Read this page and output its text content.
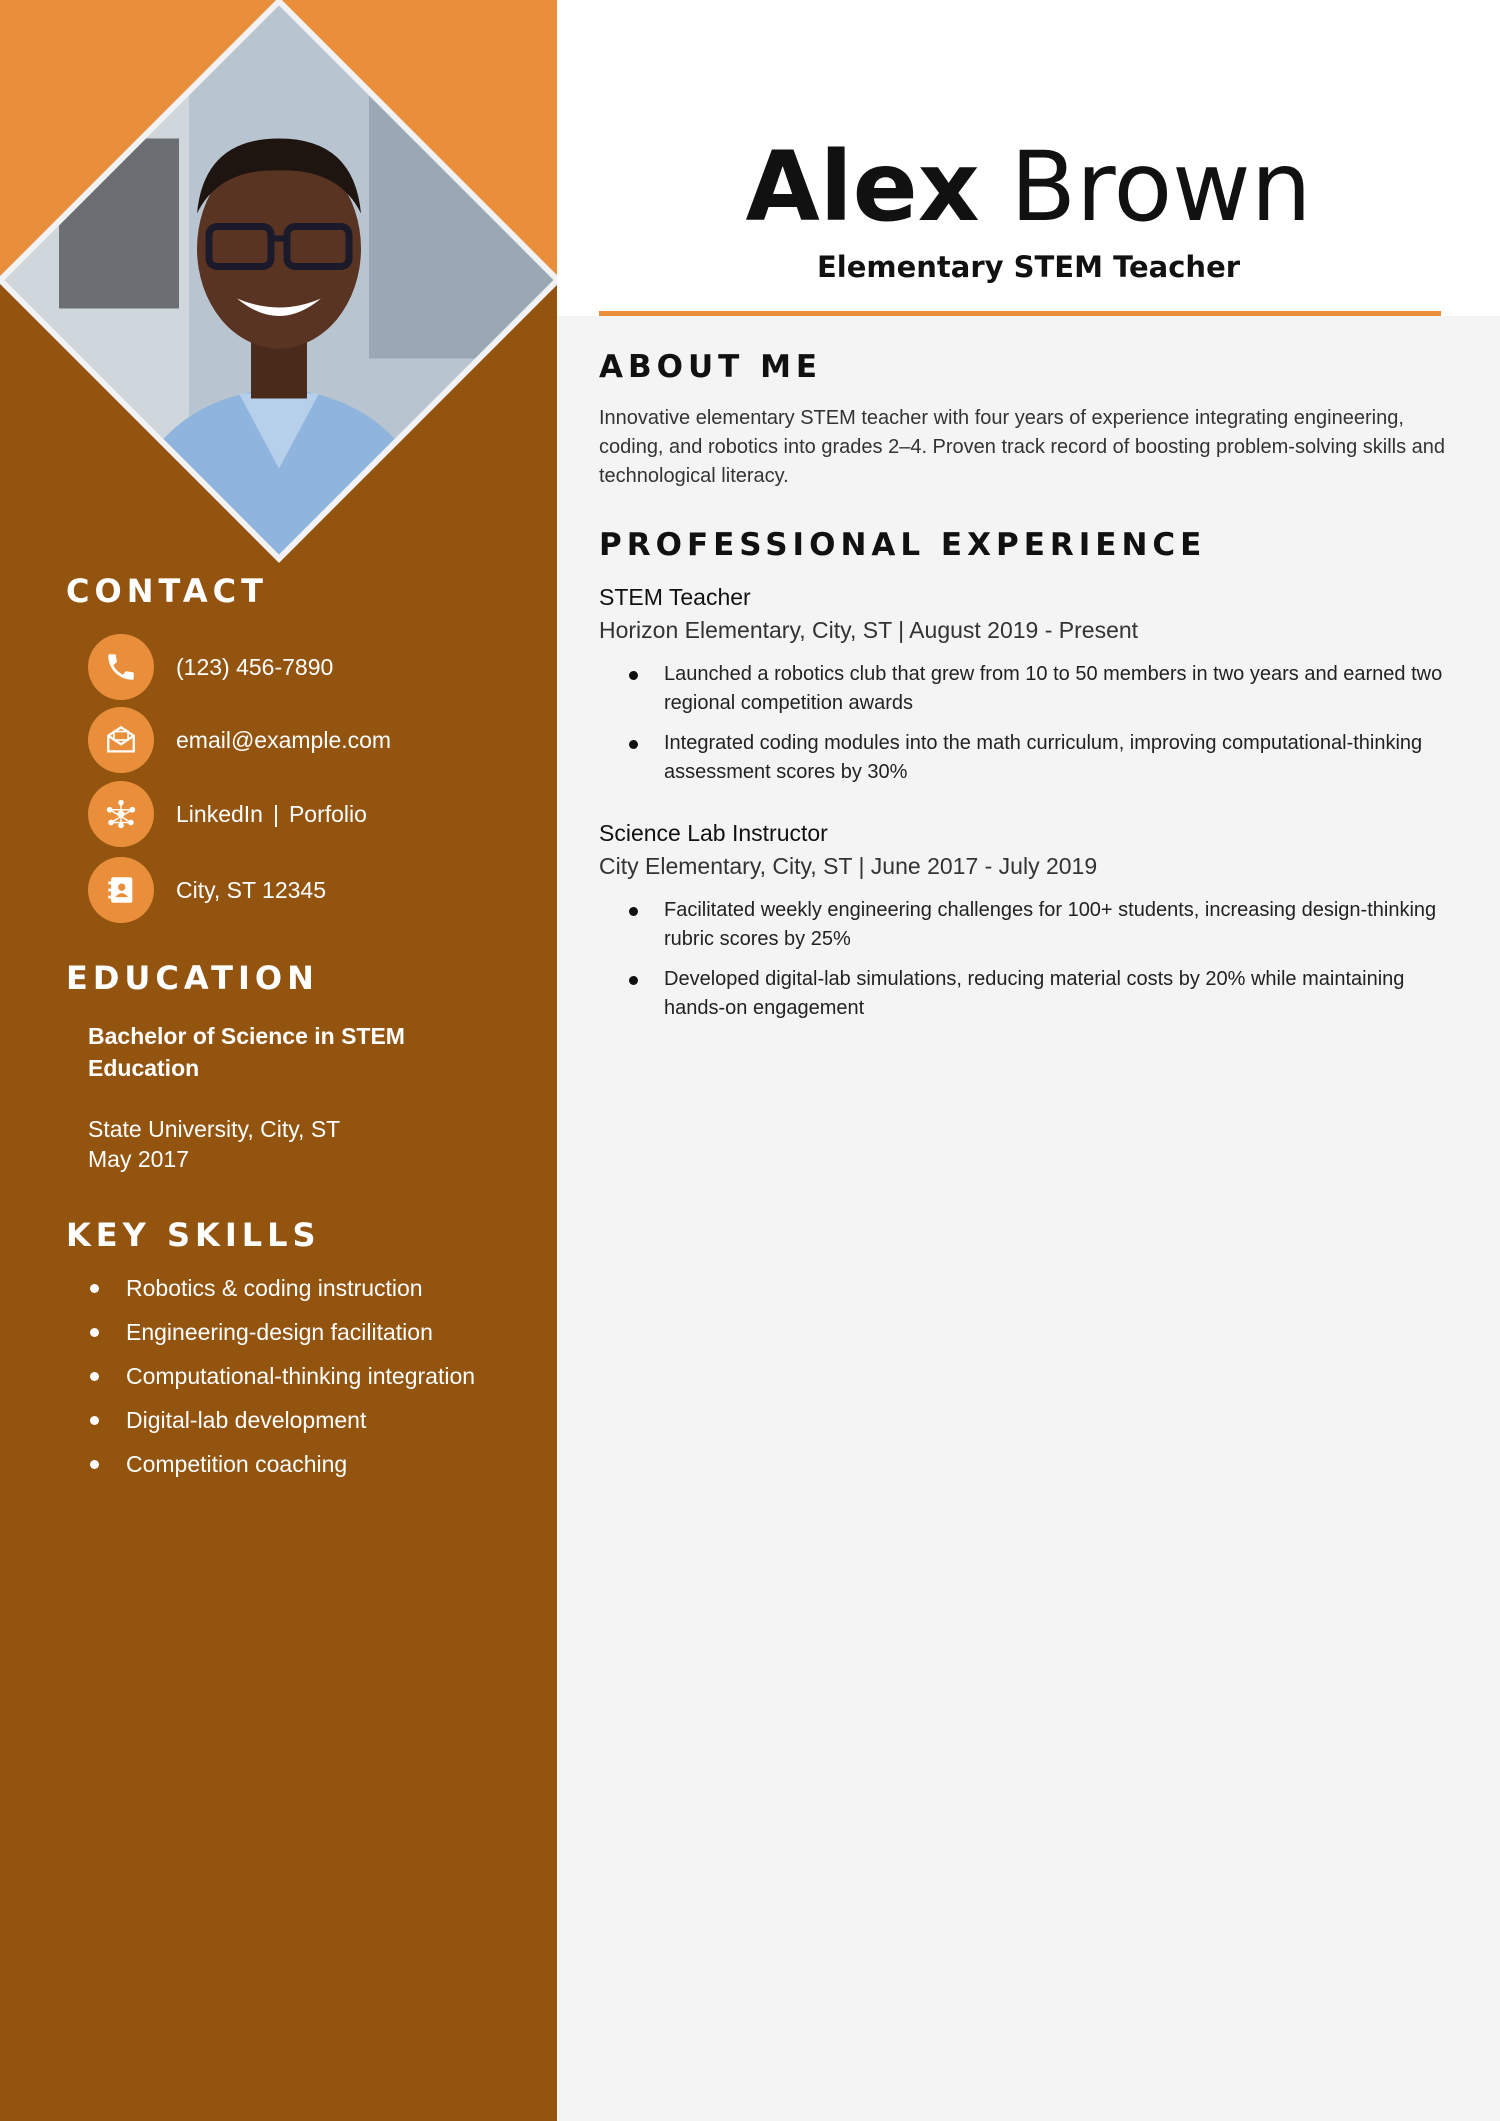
CONTACT
(123) 456-7890
email@example.com
LinkedIn | Porfolio
City, ST 12345
EDUCATION
Bachelor of Science in STEM Education
State University, City, ST
May 2017
KEY SKILLS
Robotics & coding instruction
Engineering-design facilitation
Computational-thinking integration
Digital-lab development
Competition coaching
Alex Brown
Elementary STEM Teacher
ABOUT ME
Innovative elementary STEM teacher with four years of experience integrating engineering, coding, and robotics into grades 2–4. Proven track record of boosting problem-solving skills and technological literacy.
PROFESSIONAL EXPERIENCE
STEM Teacher
Horizon Elementary, City, ST | August 2019 - Present
Launched a robotics club that grew from 10 to 50 members in two years and earned two regional competition awards
Integrated coding modules into the math curriculum, improving computational-thinking assessment scores by 30%
Science Lab Instructor
City Elementary, City, ST | June 2017 - July 2019
Facilitated weekly engineering challenges for 100+ students, increasing design-thinking rubric scores by 25%
Developed digital-lab simulations, reducing material costs by 20% while maintaining hands-on engagement
